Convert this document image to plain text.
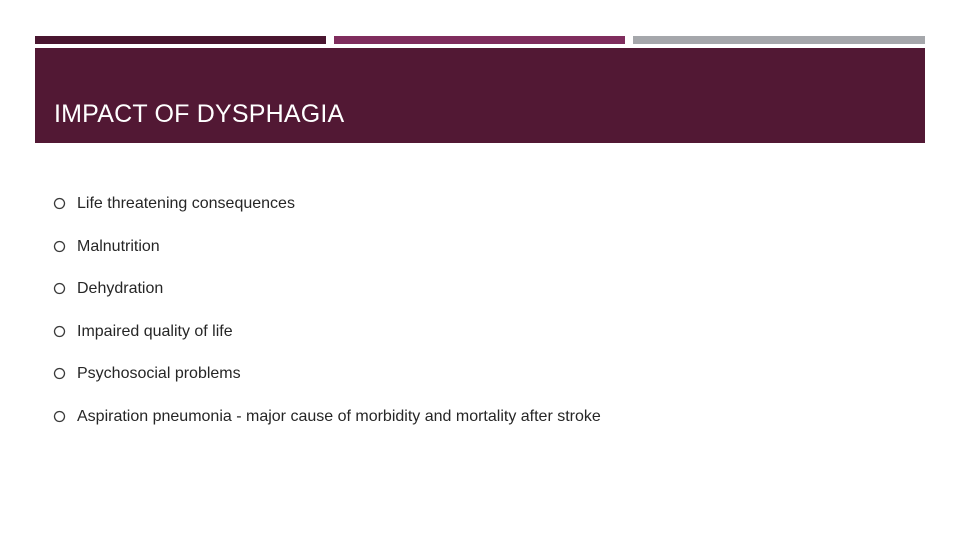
IMPACT OF DYSPHAGIA
Life threatening consequences
Malnutrition
Dehydration
Impaired quality of life
Psychosocial problems
Aspiration pneumonia - major cause of morbidity and mortality after stroke
